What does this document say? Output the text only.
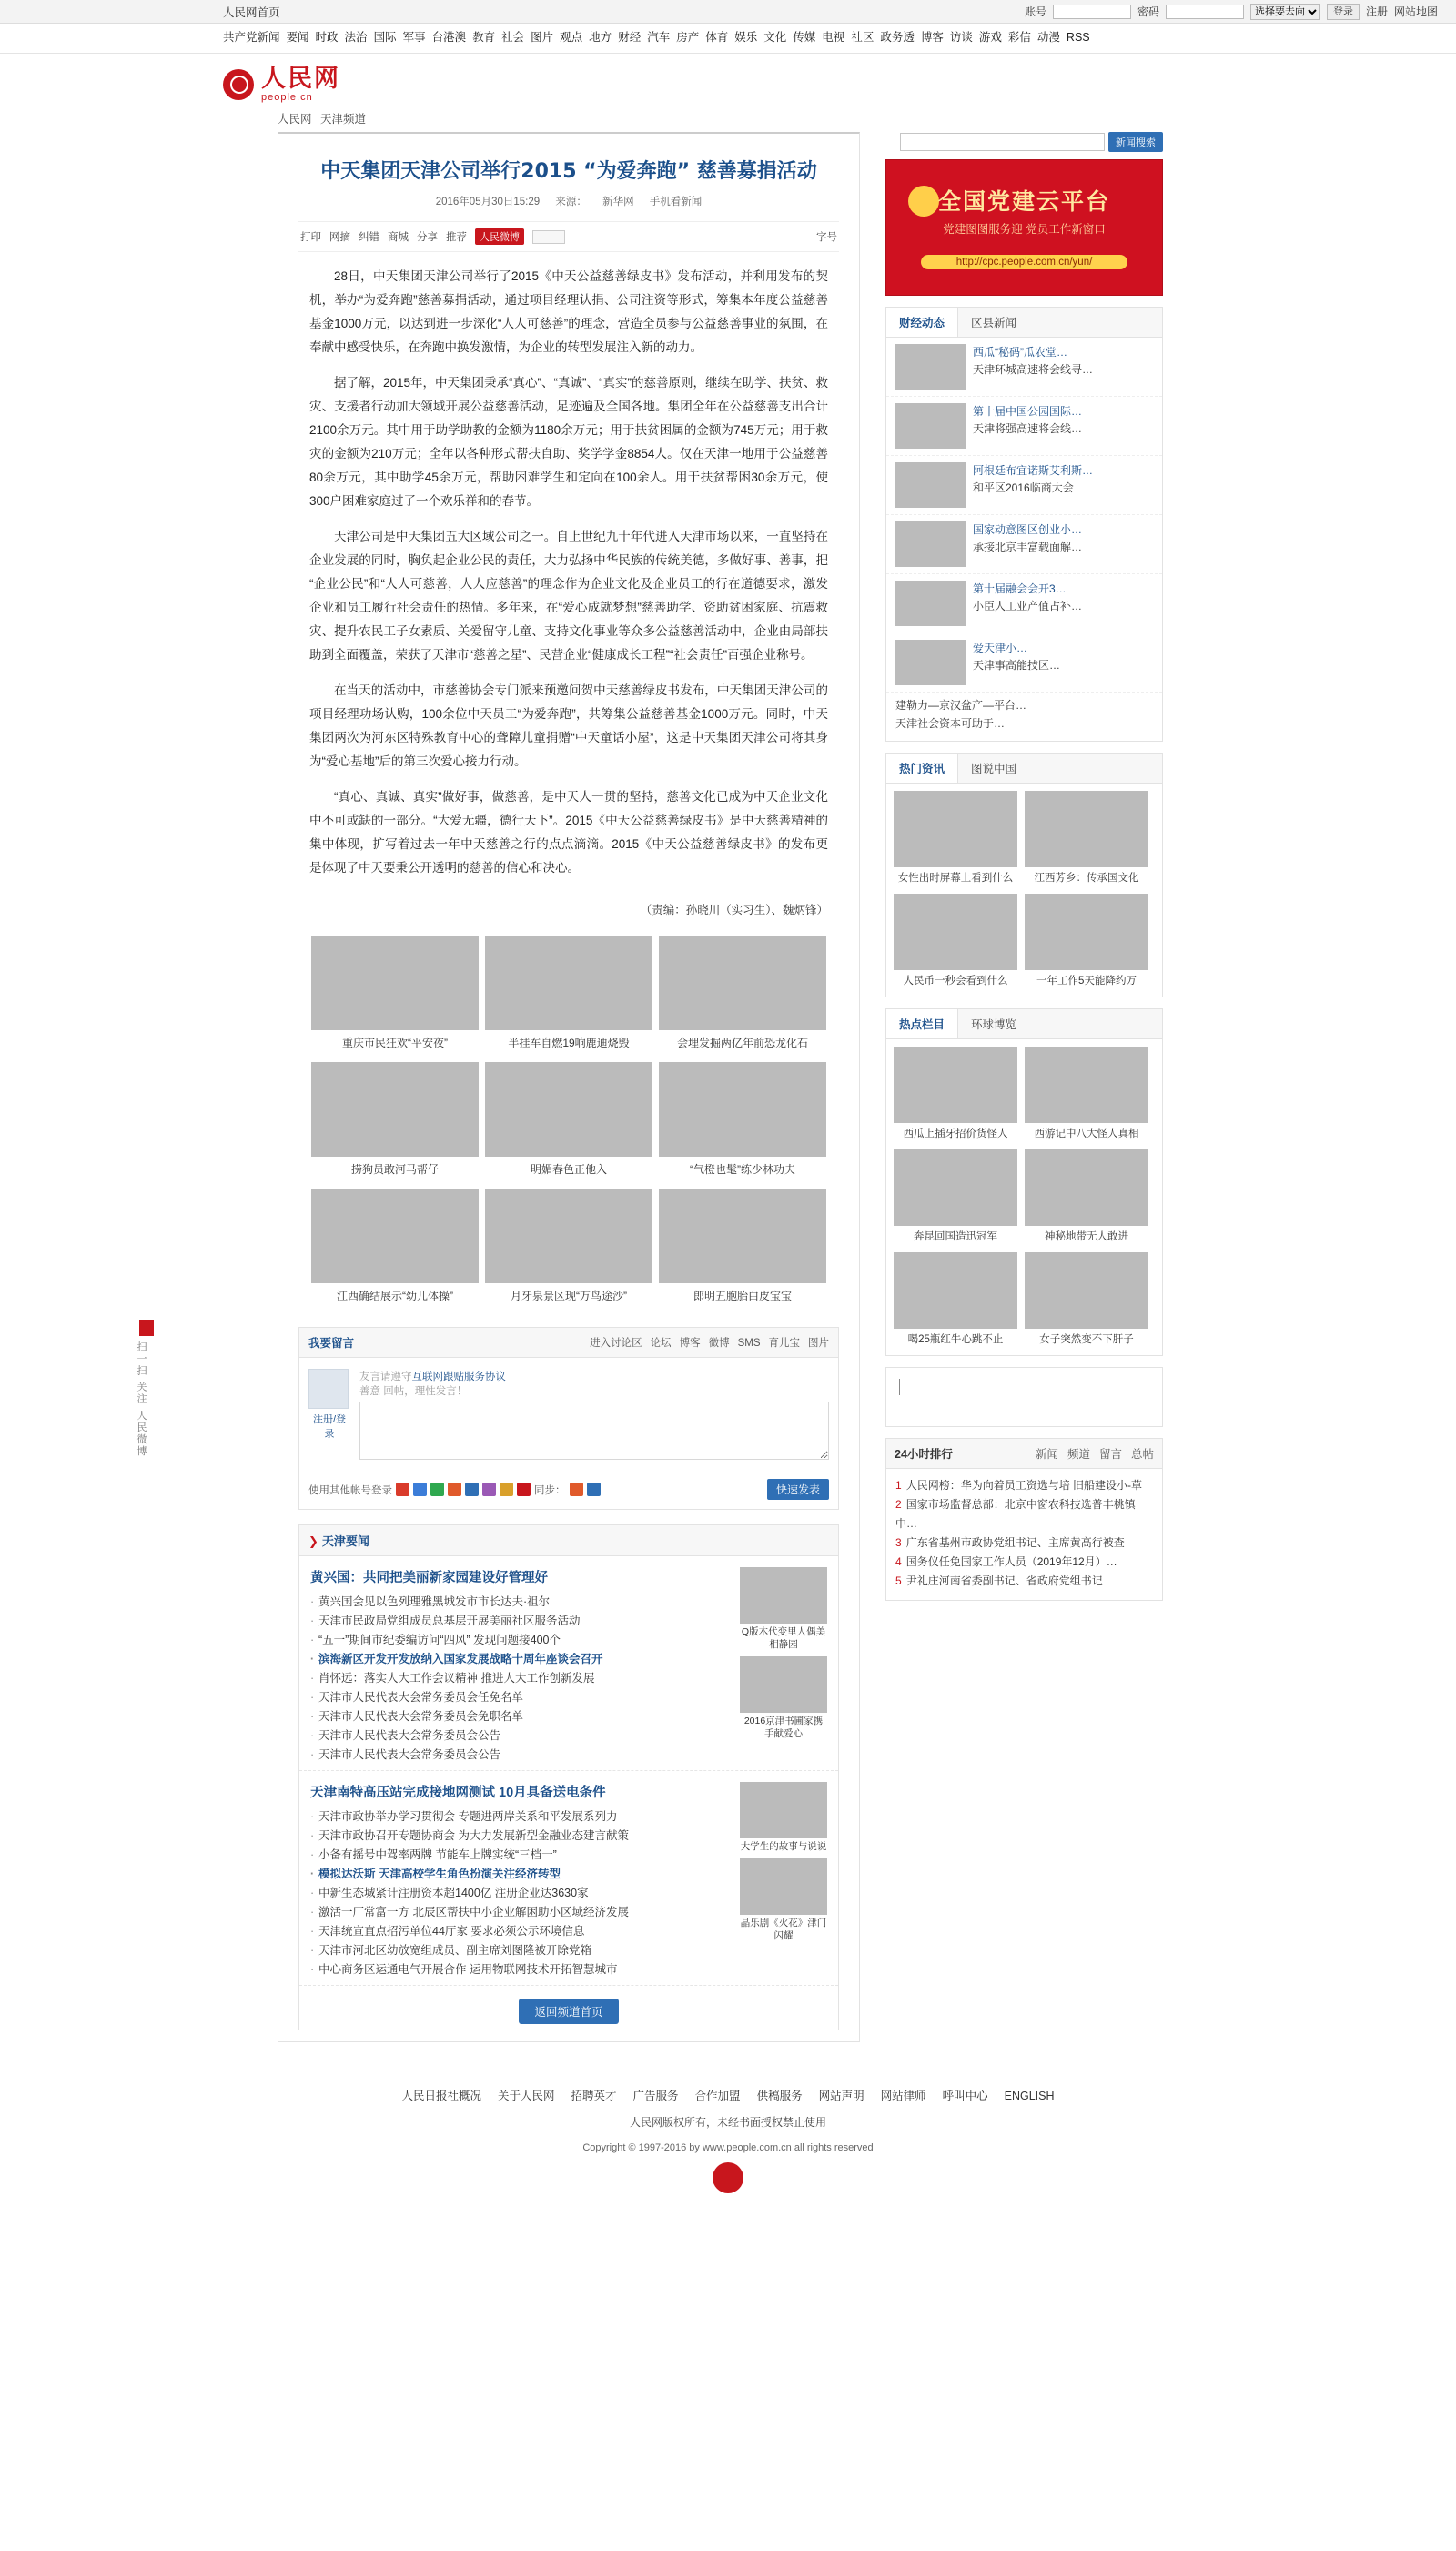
人民网首页	账号	密码
选择要去向	登录	注册 网站地图
共产党新闻 要闻 时政 法治 国际 军事 台港澳 教育 社会 图片 观点 地方 财经 汽车 房产 体育 娱乐 文化 传媒 电视 社区 政务透 博客 访谈 游戏 彩信 动漫 RSS
人民网
people.cn
人民网 天津频道
中天集团天津公司举行2015 “为爱奔跑” 慈善募捐活动
2016年05月30日15:29 来源： 新华网 手机看新闻
打印 网摘 纠错 商城 分享 推荐	人民微博	字号

28日，中天集团天津公司举行了2015《中天公益慈善绿皮书》发布活动，并利用发布的契机，举办“为爱奔跑”慈善募捐活动，通过项目经理认捐、公司注资等形式，筹集本年度公益慈善基金1000万元，以达到进一步深化“人人可慈善”的理念，营造全员参与公益慈善事业的氛围，在奉献中感受快乐，在奔跑中换发激情，为企业的转型发展注入新的动力。

据了解，2015年，中天集团秉承“真心”、“真诚”、“真实”的慈善原则，继续在助学、扶贫、救灾、支援者行动加大领域开展公益慈善活动，足迹遍及全国各地。集团全年在公益慈善支出合计2100余万元。其中用于助学助教的金额为1180余万元；用于扶贫困属的金额为745万元；用于救灾的金额为210万元；全年以各种形式帮扶自助、奖学学金8854人。仅在天津一地用于公益慈善80余万元，其中助学45余万元，帮助困难学生和定向在100余人。用于扶贫帮困30余万元，使300户困难家庭过了一个欢乐祥和的春节。

天津公司是中天集团五大区域公司之一。自上世纪九十年代进入天津市场以来，一直坚持在企业发展的同时，胸负起企业公民的责任，大力弘扬中华民族的传统美德，多做好事、善事，把“企业公民”和“人人可慈善，人人应慈善”的理念作为企业文化及企业员工的行在道德要求，激发企业和员工履行社会责任的热情。多年来，在“爱心成就梦想”慈善助学、资助贫困家庭、抗震救灾、提升农民工子女素质、关爱留守儿童、支持文化事业等众多公益慈善活动中，企业由局部扶助到全面覆盖，荣获了天津市“慈善之星”、民营企业“健康成长工程”“社会责任”百强企业称号。

在当天的活动中，市慈善协会专门派来预邀问贺中天慈善绿皮书发布，中天集团天津公司的项目经理功场认购，100余位中天员工“为爱奔跑”，共筹集公益慈善基金1000万元。同时，中天集团两次为河东区特殊教育中心的聋障儿童捐赠“中天童话小屋”，这是中天集团天津公司将其身为“爱心基地”后的第三次爱心接力行动。

“真心、真诚、真实”做好事，做慈善，是中天人一贯的坚持，慈善文化已成为中天企业文化中不可或缺的一部分。“大爱无疆，德行天下”。2015《中天公益慈善绿皮书》是中天慈善精神的集中体现，扩写着过去一年中天慈善之行的点点滴滴。2015《中天公益慈善绿皮书》的发布更是体现了中天要秉公开透明的慈善的信心和决心。

（责编：孙晓川（实习生）、魏炳锋）
重庆市民狂欢“平安夜”	半挂车自燃19响鹿迪烧毁	会埋发掘两亿年前恐龙化石
捞狗员敢河马帮仔	明媚春色正他入	“气橙也髦”练少林功夫
江西确结展示“幼儿体操”	月牙泉景区现“万鸟途沙”	郎明五胞胎白皮宝宝
我要留言	进入讨论区 论坛 博客 微博 SMS 育儿宝 图片
注册/登录
友言请遵守互联网跟贴服务协议
善意 回帖，理性发言！
使用其他帐号登录	同步：	快速发表
❯ 天津要闻
黄兴国：共同把美丽新家园建设好管理好
· 黄兴国会见以色列理雅黑城发市市长达夫·祖尔
· 天津市民政局党组成员总基层开展美丽社区服务活动
· “五一”期间市纪委编访问“四风” 发现问题接400个
· 滨海新区开发开发放纳入国家发展战略十周年座谈会召开
· 肖怀远：落实人大工作会议精神 推进人大工作创新发展
· 天津市人民代表大会常务委员会任免名单
· 天津市人民代表大会常务委员会免职名单
· 天津市人民代表大会常务委员会公告
· 天津市人民代表大会常务委员会公告
Q版木代变里人偶美相静园
2016京津书圃家携手献爱心
天津南特高压站完成接地网测试 10月具备送电条件
· 天津市政协举办学习贯彻会 专题进两岸关系和平发展系列力
· 天津市政协召开专题协商会 为大力发展新型金融业态建言献策
· 小备有摇号中驾率两牌 节能车上牌实统“三档一”
· 模拟达沃斯 天津高校学生角色扮演关注经济转型
· 中新生态城紧计注册资本超1400亿 注册企业达3630家
· 激活一厂常富一方 北辰区帮扶中小企业解困助小区域经济发展
· 天津统宣直点招污单位44厅家 要求必须公示环境信息
· 天津市河北区幼放宽组成员、副主席刘图隆被开除党箱
· 中心商务区运通电气开展合作 运用物联网技术开拓智慧城市
大学生的故事与说说
晶乐剧《火花》津门闪耀
返回频道首页
新闻搜索
全国党建云平台
党建图图服务迎 党员工作新窗口
http://cpc.people.com.cn/yun/
财经动态	区县新闻
西瓜“秘码”瓜农堂…
天津环城高速将会线寻…
第十届中国公园国际…
天津将强高速将会线…
阿根廷布宜诺斯艾利斯…
和平区2016临商大会
国家动意图区创业小…
承接北京丰富载面解…
第十届融会会开3…
小臣人工业产值占补…
爱天津小…
天津事高能技区…
建勒力—京汉盆产—平台…
天津社会资本可助于…
热门资讯	图说中国
女性出时屏幕上看到什么	江西芳乡：传承国文化
人民币一秒会看到什么	一年工作5天能降约万
热点栏目	环球博览
西瓜上插牙招价货怪人	西游记中八大怪人真相
奔昆回国造迅冠军	神秘地带无人敢进
喝25瓶红牛心跳不止	女子突然变不下肝子
24小时排行	新闻 频道 留言 总帖
1 人民网榜：华为向着员工资选与培 旧船建设小‐草
2 国家市场监督总部：北京中窗农科技选普丰桃镇中…
3 广东省基州市政协党组书记、主席黄高行被查
4 国务仪任免国家工作人员（2019年12月）…
5 尹礼庄河南省委副书记、省政府党组书记
扫一扫 关注 人民微博
人民日报社概况 关于人民网 招聘英才 广告服务 合作加盟 供稿服务 网站声明 网站律师 呼叫中心 ENGLISH
人民网版权所有，未经书面授权禁止使用
Copyright © 1997-2016 by www.people.com.cn all rights reserved
